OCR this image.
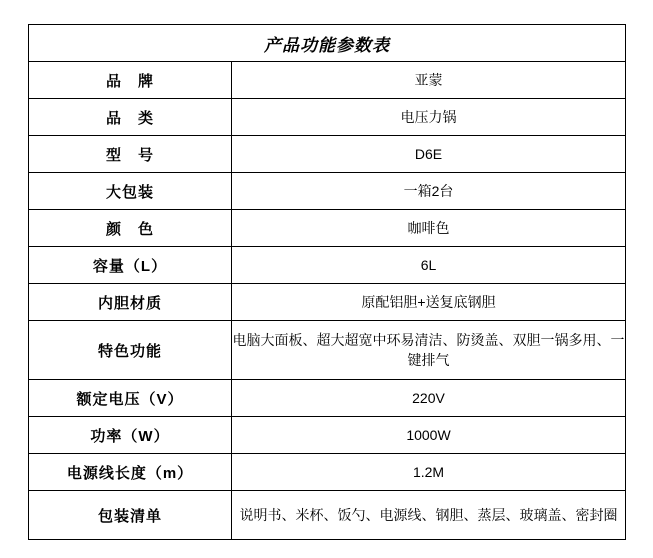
产品功能参数表	
品　牌	亚蒙
品　类	电压力锅
型　号	D6E
大包装	一箱2台
颜　色	咖啡色
容量（L）	6L
内胆材质	原配铝胆+送复底钢胆
特色功能	电脑大面板、超大超宽中环易清洁、防烫盖、双胆一锅多用、一键排气
额定电压（V）	220V
功率（W）	1000W
电源线长度（m）	1.2M
包装清单	说明书、米杯、饭勺、电源线、钢胆、蒸层、玻璃盖、密封圈
